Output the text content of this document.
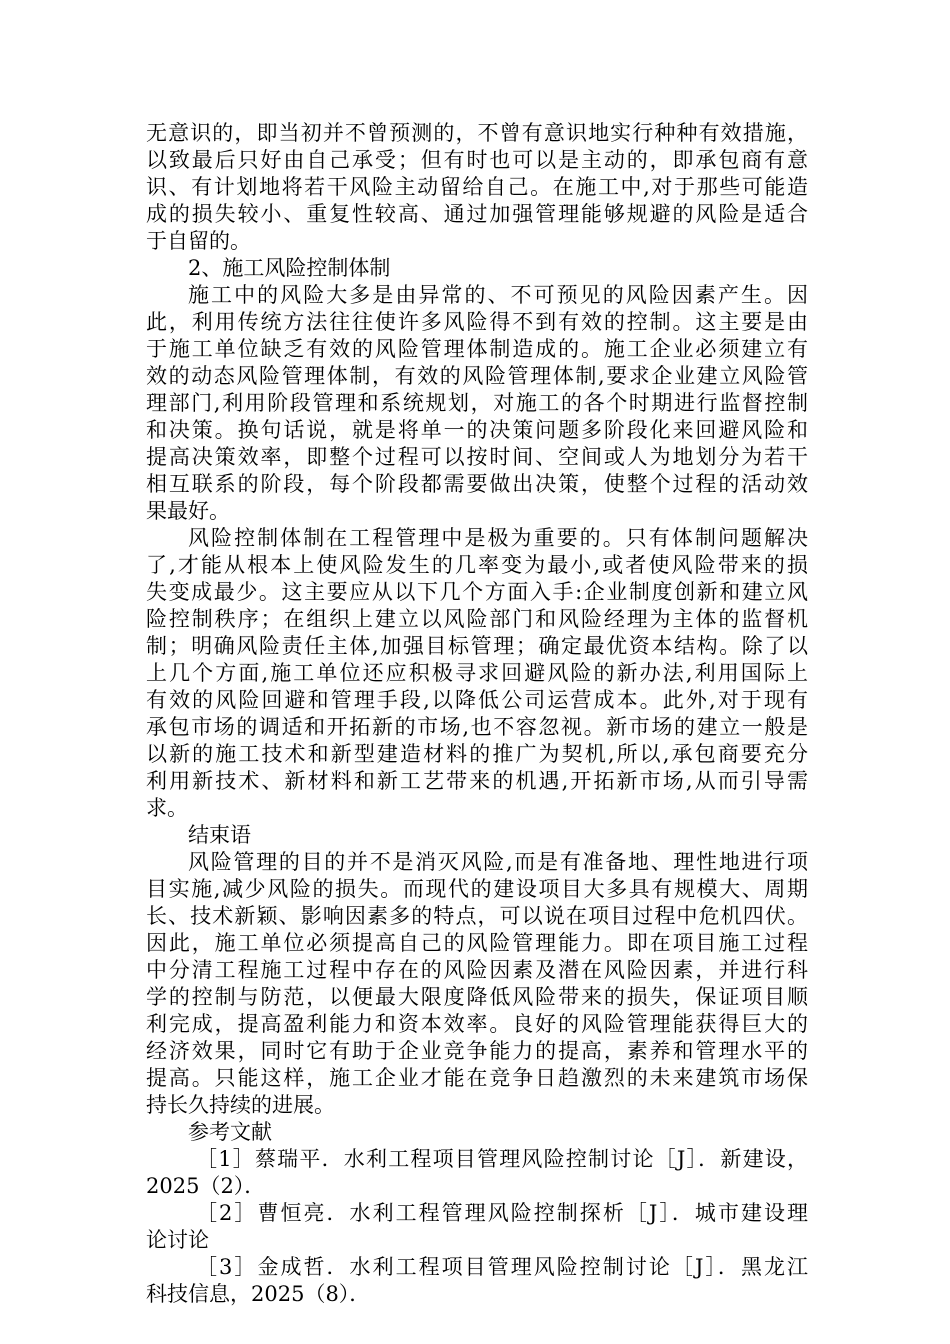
无意识的，即当初并不曾预测的，不曾有意识地实行种种有效措施，
以致最后只好由自己承受；但有时也可以是主动的，即承包商有意
识、有计划地将若干风险主动留给自己。在施工中,对于那些可能造
成的损失较小、重复性较高、通过加强管理能够规避的风险是适合
于自留的。
2、施工风险控制体制
施工中的风险大多是由异常的、不可预见的风险因素产生。因
此，利用传统方法往往使许多风险得不到有效的控制。这主要是由
于施工单位缺乏有效的风险管理体制造成的。施工企业必须建立有
效的动态风险管理体制，有效的风险管理体制,要求企业建立风险管
理部门,利用阶段管理和系统规划，对施工的各个时期进行监督控制
和决策。换句话说，就是将单一的决策问题多阶段化来回避风险和
提高决策效率，即整个过程可以按时间、空间或人为地划分为若干
相互联系的阶段，每个阶段都需要做出决策，使整个过程的活动效
果最好。
风险控制体制在工程管理中是极为重要的。只有体制问题解决
了,才能从根本上使风险发生的几率变为最小,或者使风险带来的损
失变成最少。这主要应从以下几个方面入手:企业制度创新和建立风
险控制秩序；在组织上建立以风险部门和风险经理为主体的监督机
制；明确风险责任主体,加强目标管理；确定最优资本结构。除了以
上几个方面,施工单位还应积极寻求回避风险的新办法,利用国际上
有效的风险回避和管理手段,以降低公司运营成本。此外,对于现有
承包市场的调适和开拓新的市场,也不容忽视。新市场的建立一般是
以新的施工技术和新型建造材料的推广为契机,所以,承包商要充分
利用新技术、新材料和新工艺带来的机遇,开拓新市场,从而引导需
求。
结束语
风险管理的目的并不是消灭风险,而是有准备地、理性地进行项
目实施,减少风险的损失。而现代的建设项目大多具有规模大、周期
长、技术新颖、影响因素多的特点，可以说在项目过程中危机四伏。
因此，施工单位必须提高自己的风险管理能力。即在项目施工过程
中分清工程施工过程中存在的风险因素及潜在风险因素，并进行科
学的控制与防范，以便最大限度降低风险带来的损失，保证项目顺
利完成，提高盈利能力和资本效率。良好的风险管理能获得巨大的
经济效果，同时它有助于企业竞争能力的提高，素养和管理水平的
提高。只能这样，施工企业才能在竞争日趋激烈的未来建筑市场保
持长久持续的进展。
参考文献
［1］蔡瑞平．水利工程项目管理风险控制讨论［J］．新建设，
2025（2）．
［2］曹恒亮．水利工程管理风险控制探析［J］．城市建设理
论讨论
［3］金成哲．水利工程项目管理风险控制讨论［J］．黑龙江
科技信息，2025（8）．
